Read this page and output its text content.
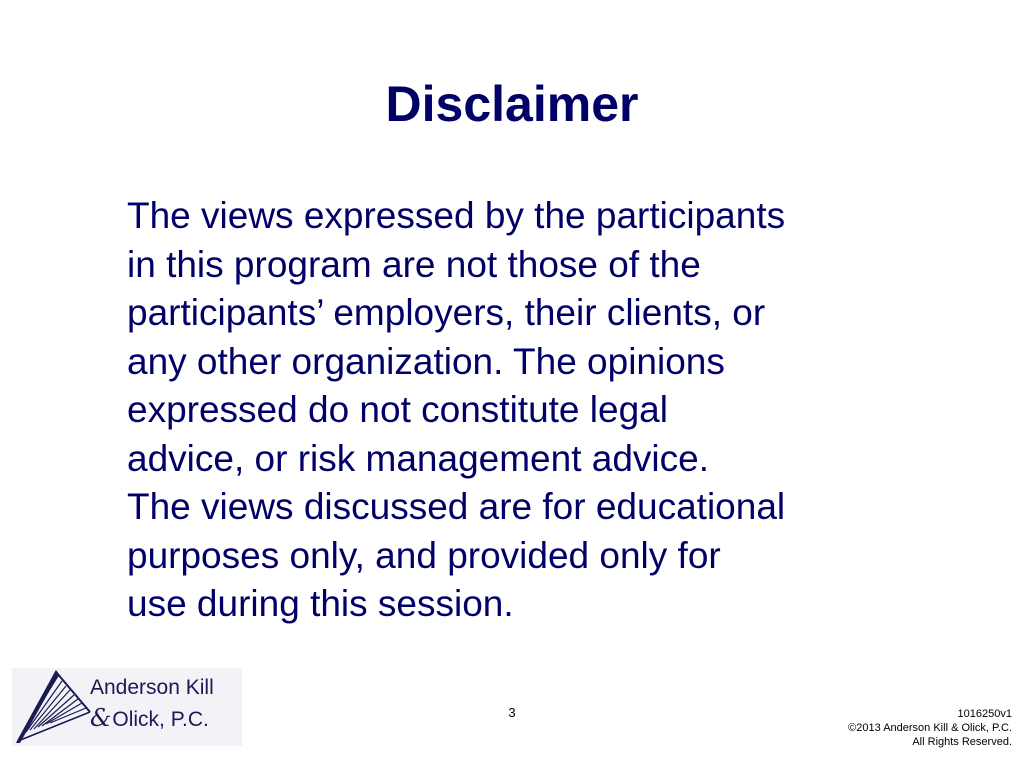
Disclaimer
The views expressed by the participants
in this program are not those of the
participants’ employers, their clients, or
any other organization. The opinions
expressed do not constitute legal
advice, or risk management advice.
The views discussed are for educational
purposes only, and provided only for
use during this session.
Anderson Kill
&Olick, P.C.	3	1016250v1
©2013 Anderson Kill & Olick, P.C.
All Rights Reserved.
